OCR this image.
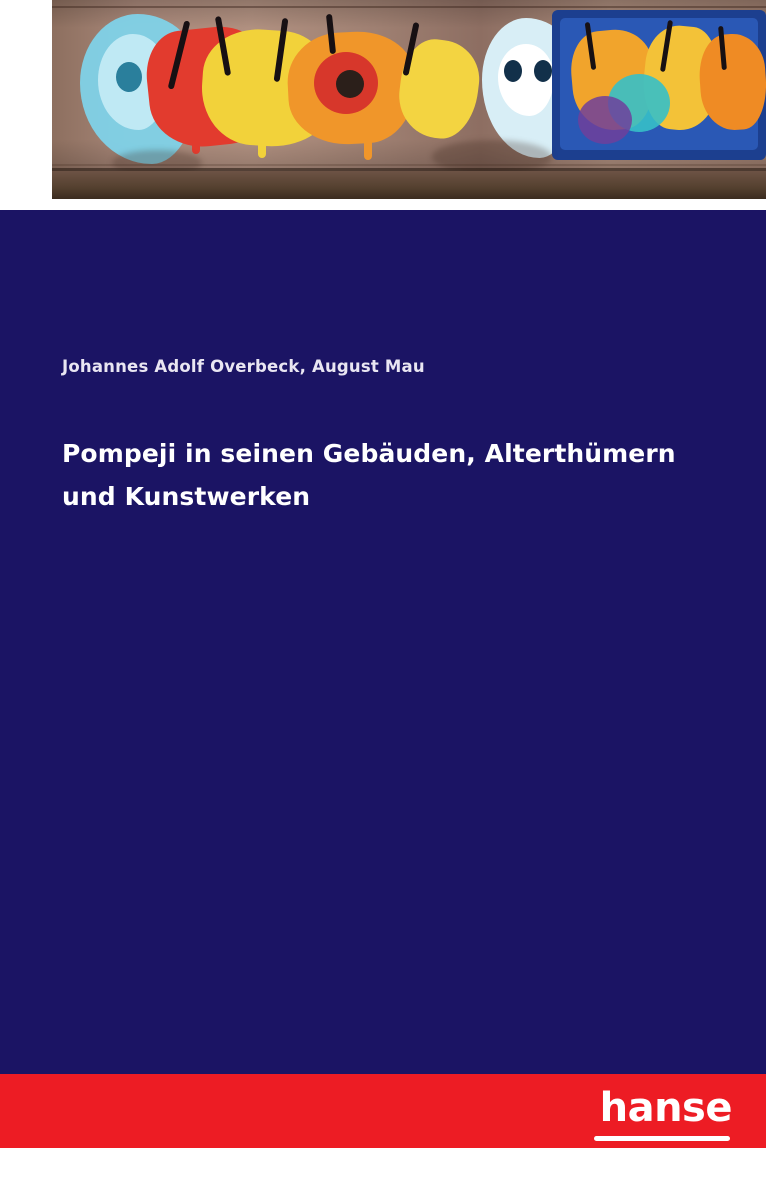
Johannes Adolf Overbeck, August Mau
Pompeji in seinen Gebäuden, Alterthümern und Kunstwerken
hanse
